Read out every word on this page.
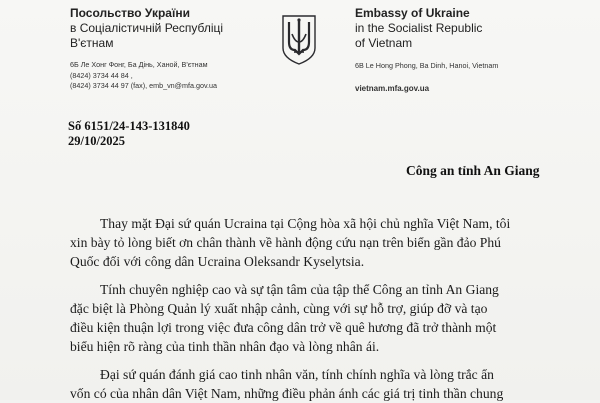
Посольство України
в Соціалістичній Республіці
В'єтнам
6Б Ле Хонг Фонг, Ба Дінь, Ханой, В'єтнам
(8424) 3734 44 84 ,
(8424) 3734 44 97 (fax), emb_vn@mfa.gov.ua
Embassy of Ukraine
in the Socialist Republic
of Vietnam
6B Le Hong Phong, Ba Dinh, Hanoi, Vietnam
vietnam.mfa.gov.ua
Số 6151/24-143-131840
29/10/2025
Công an tỉnh An Giang
Thay mặt Đại sứ quán Ucraina tại Cộng hòa xã hội chủ nghĩa Việt Nam, tôi
xin bày tỏ lòng biết ơn chân thành về hành động cứu nạn trên biển gần đảo Phú
Quốc đối với công dân Ucraina Oleksandr Kyselytsia.
Tính chuyên nghiệp cao và sự tận tâm của tập thể Công an tỉnh An Giang
đặc biệt là Phòng Quản lý xuất nhập cảnh, cùng với sự hỗ trợ, giúp đỡ và tạo
điều kiện thuận lợi trong việc đưa công dân trở về quê hương đã trở thành một
biểu hiện rõ ràng của tinh thần nhân đạo và lòng nhân ái.
Đại sứ quán đánh giá cao tinh nhân văn, tính chính nghĩa và lòng trắc ẩn
vốn có của nhân dân Việt Nam, những điều phản ánh các giá trị tinh thần chung
